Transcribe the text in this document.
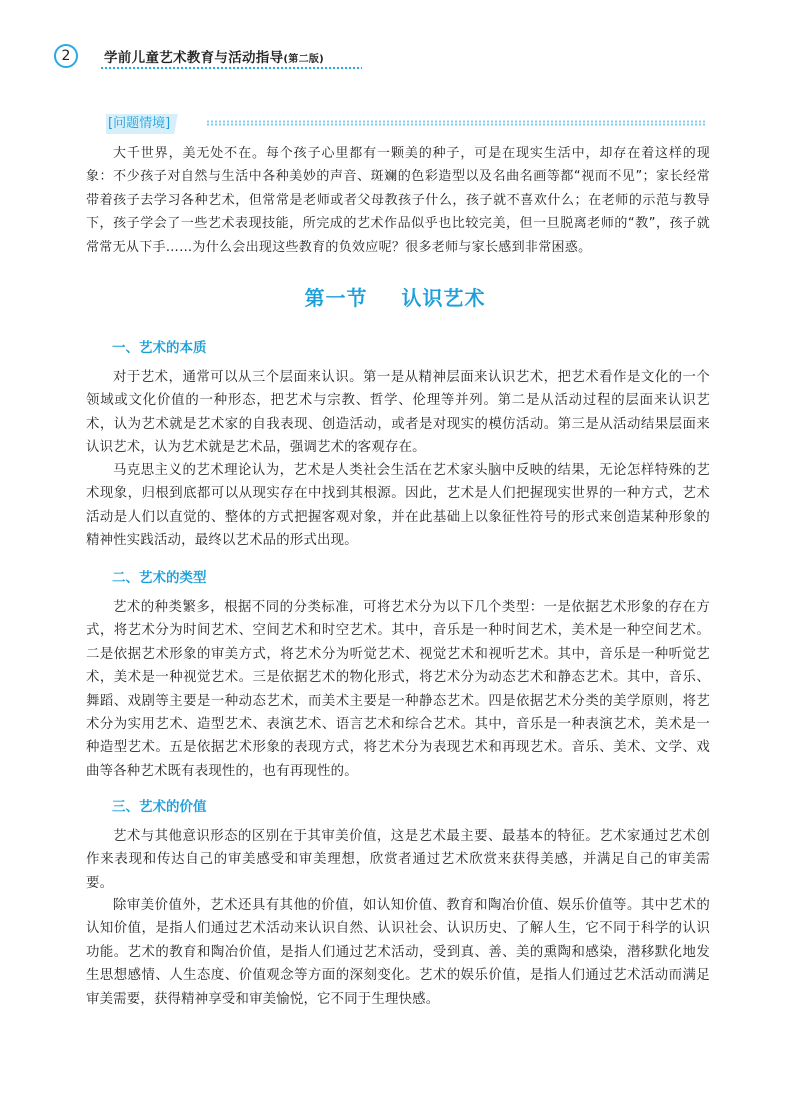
2	学前儿童艺术教育与活动指导(第二版)
[问题情境]

大千世界，美无处不在。每个孩子心里都有一颗美的种子，可是在现实生活中，却存在着这样的现象：不少孩子对自然与生活中各种美妙的声音、斑斓的色彩造型以及名曲名画等都“视而不见”；家长经常带着孩子去学习各种艺术，但常常是老师或者父母教孩子什么，孩子就不喜欢什么；在老师的示范与教导下，孩子学会了一些艺术表现技能，所完成的艺术作品似乎也比较完美，但一旦脱离老师的“教”，孩子就常常无从下手……为什么会出现这些教育的负效应呢？很多老师与家长感到非常困惑。

第一节 认识艺术
一、艺术的本质

对于艺术，通常可以从三个层面来认识。第一是从精神层面来认识艺术，把艺术看作是文化的一个领域或文化价值的一种形态，把艺术与宗教、哲学、伦理等并列。第二是从活动过程的层面来认识艺术，认为艺术就是艺术家的自我表现、创造活动，或者是对现实的模仿活动。第三是从活动结果层面来认识艺术，认为艺术就是艺术品，强调艺术的客观存在。

马克思主义的艺术理论认为，艺术是人类社会生活在艺术家头脑中反映的结果，无论怎样特殊的艺术现象，归根到底都可以从现实存在中找到其根源。因此，艺术是人们把握现实世界的一种方式，艺术活动是人们以直觉的、整体的方式把握客观对象，并在此基础上以象征性符号的形式来创造某种形象的精神性实践活动，最终以艺术品的形式出现。

二、艺术的类型

艺术的种类繁多，根据不同的分类标准，可将艺术分为以下几个类型：一是依据艺术形象的存在方式，将艺术分为时间艺术、空间艺术和时空艺术。其中，音乐是一种时间艺术，美术是一种空间艺术。二是依据艺术形象的审美方式，将艺术分为听觉艺术、视觉艺术和视听艺术。其中，音乐是一种听觉艺术，美术是一种视觉艺术。三是依据艺术的物化形式，将艺术分为动态艺术和静态艺术。其中，音乐、舞蹈、戏剧等主要是一种动态艺术，而美术主要是一种静态艺术。四是依据艺术分类的美学原则，将艺术分为实用艺术、造型艺术、表演艺术、语言艺术和综合艺术。其中，音乐是一种表演艺术，美术是一种造型艺术。五是依据艺术形象的表现方式，将艺术分为表现艺术和再现艺术。音乐、美术、文学、戏曲等各种艺术既有表现性的，也有再现性的。

三、艺术的价值

艺术与其他意识形态的区别在于其审美价值，这是艺术最主要、最基本的特征。艺术家通过艺术创作来表现和传达自己的审美感受和审美理想，欣赏者通过艺术欣赏来获得美感，并满足自己的审美需要。

除审美价值外，艺术还具有其他的价值，如认知价值、教育和陶冶价值、娱乐价值等。其中艺术的认知价值，是指人们通过艺术活动来认识自然、认识社会、认识历史、了解人生，它不同于科学的认识功能。艺术的教育和陶冶价值，是指人们通过艺术活动，受到真、善、美的熏陶和感染，潜移默化地发生思想感情、人生态度、价值观念等方面的深刻变化。艺术的娱乐价值，是指人们通过艺术活动而满足审美需要，获得精神享受和审美愉悦，它不同于生理快感。
